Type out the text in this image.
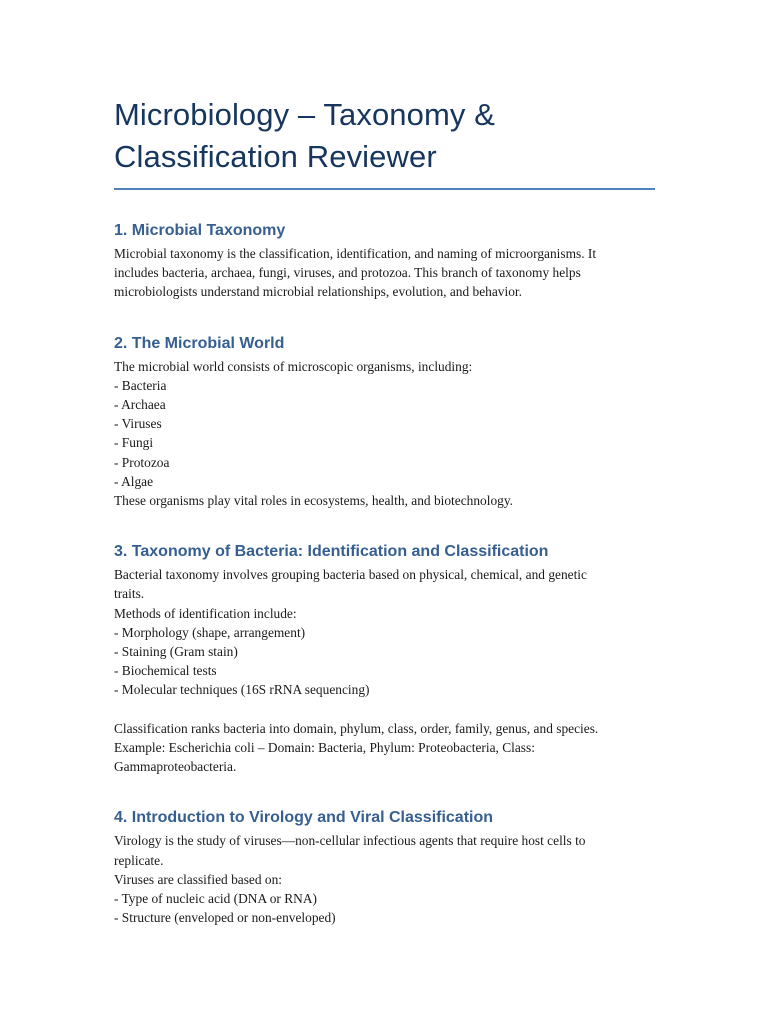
Microbiology – Taxonomy &
Classification Reviewer
1. Microbial Taxonomy
Microbial taxonomy is the classification, identification, and naming of microorganisms. It
includes bacteria, archaea, fungi, viruses, and protozoa. This branch of taxonomy helps
microbiologists understand microbial relationships, evolution, and behavior.
2. The Microbial World
The microbial world consists of microscopic organisms, including:
- Bacteria
- Archaea
- Viruses
- Fungi
- Protozoa
- Algae
These organisms play vital roles in ecosystems, health, and biotechnology.
3. Taxonomy of Bacteria: Identification and Classification
Bacterial taxonomy involves grouping bacteria based on physical, chemical, and genetic
traits.
Methods of identification include:
- Morphology (shape, arrangement)
- Staining (Gram stain)
- Biochemical tests
- Molecular techniques (16S rRNA sequencing)
Classification ranks bacteria into domain, phylum, class, order, family, genus, and species.
Example: Escherichia coli – Domain: Bacteria, Phylum: Proteobacteria, Class:
Gammaproteobacteria.
4. Introduction to Virology and Viral Classification
Virology is the study of viruses—non-cellular infectious agents that require host cells to
replicate.
Viruses are classified based on:
- Type of nucleic acid (DNA or RNA)
- Structure (enveloped or non-enveloped)
